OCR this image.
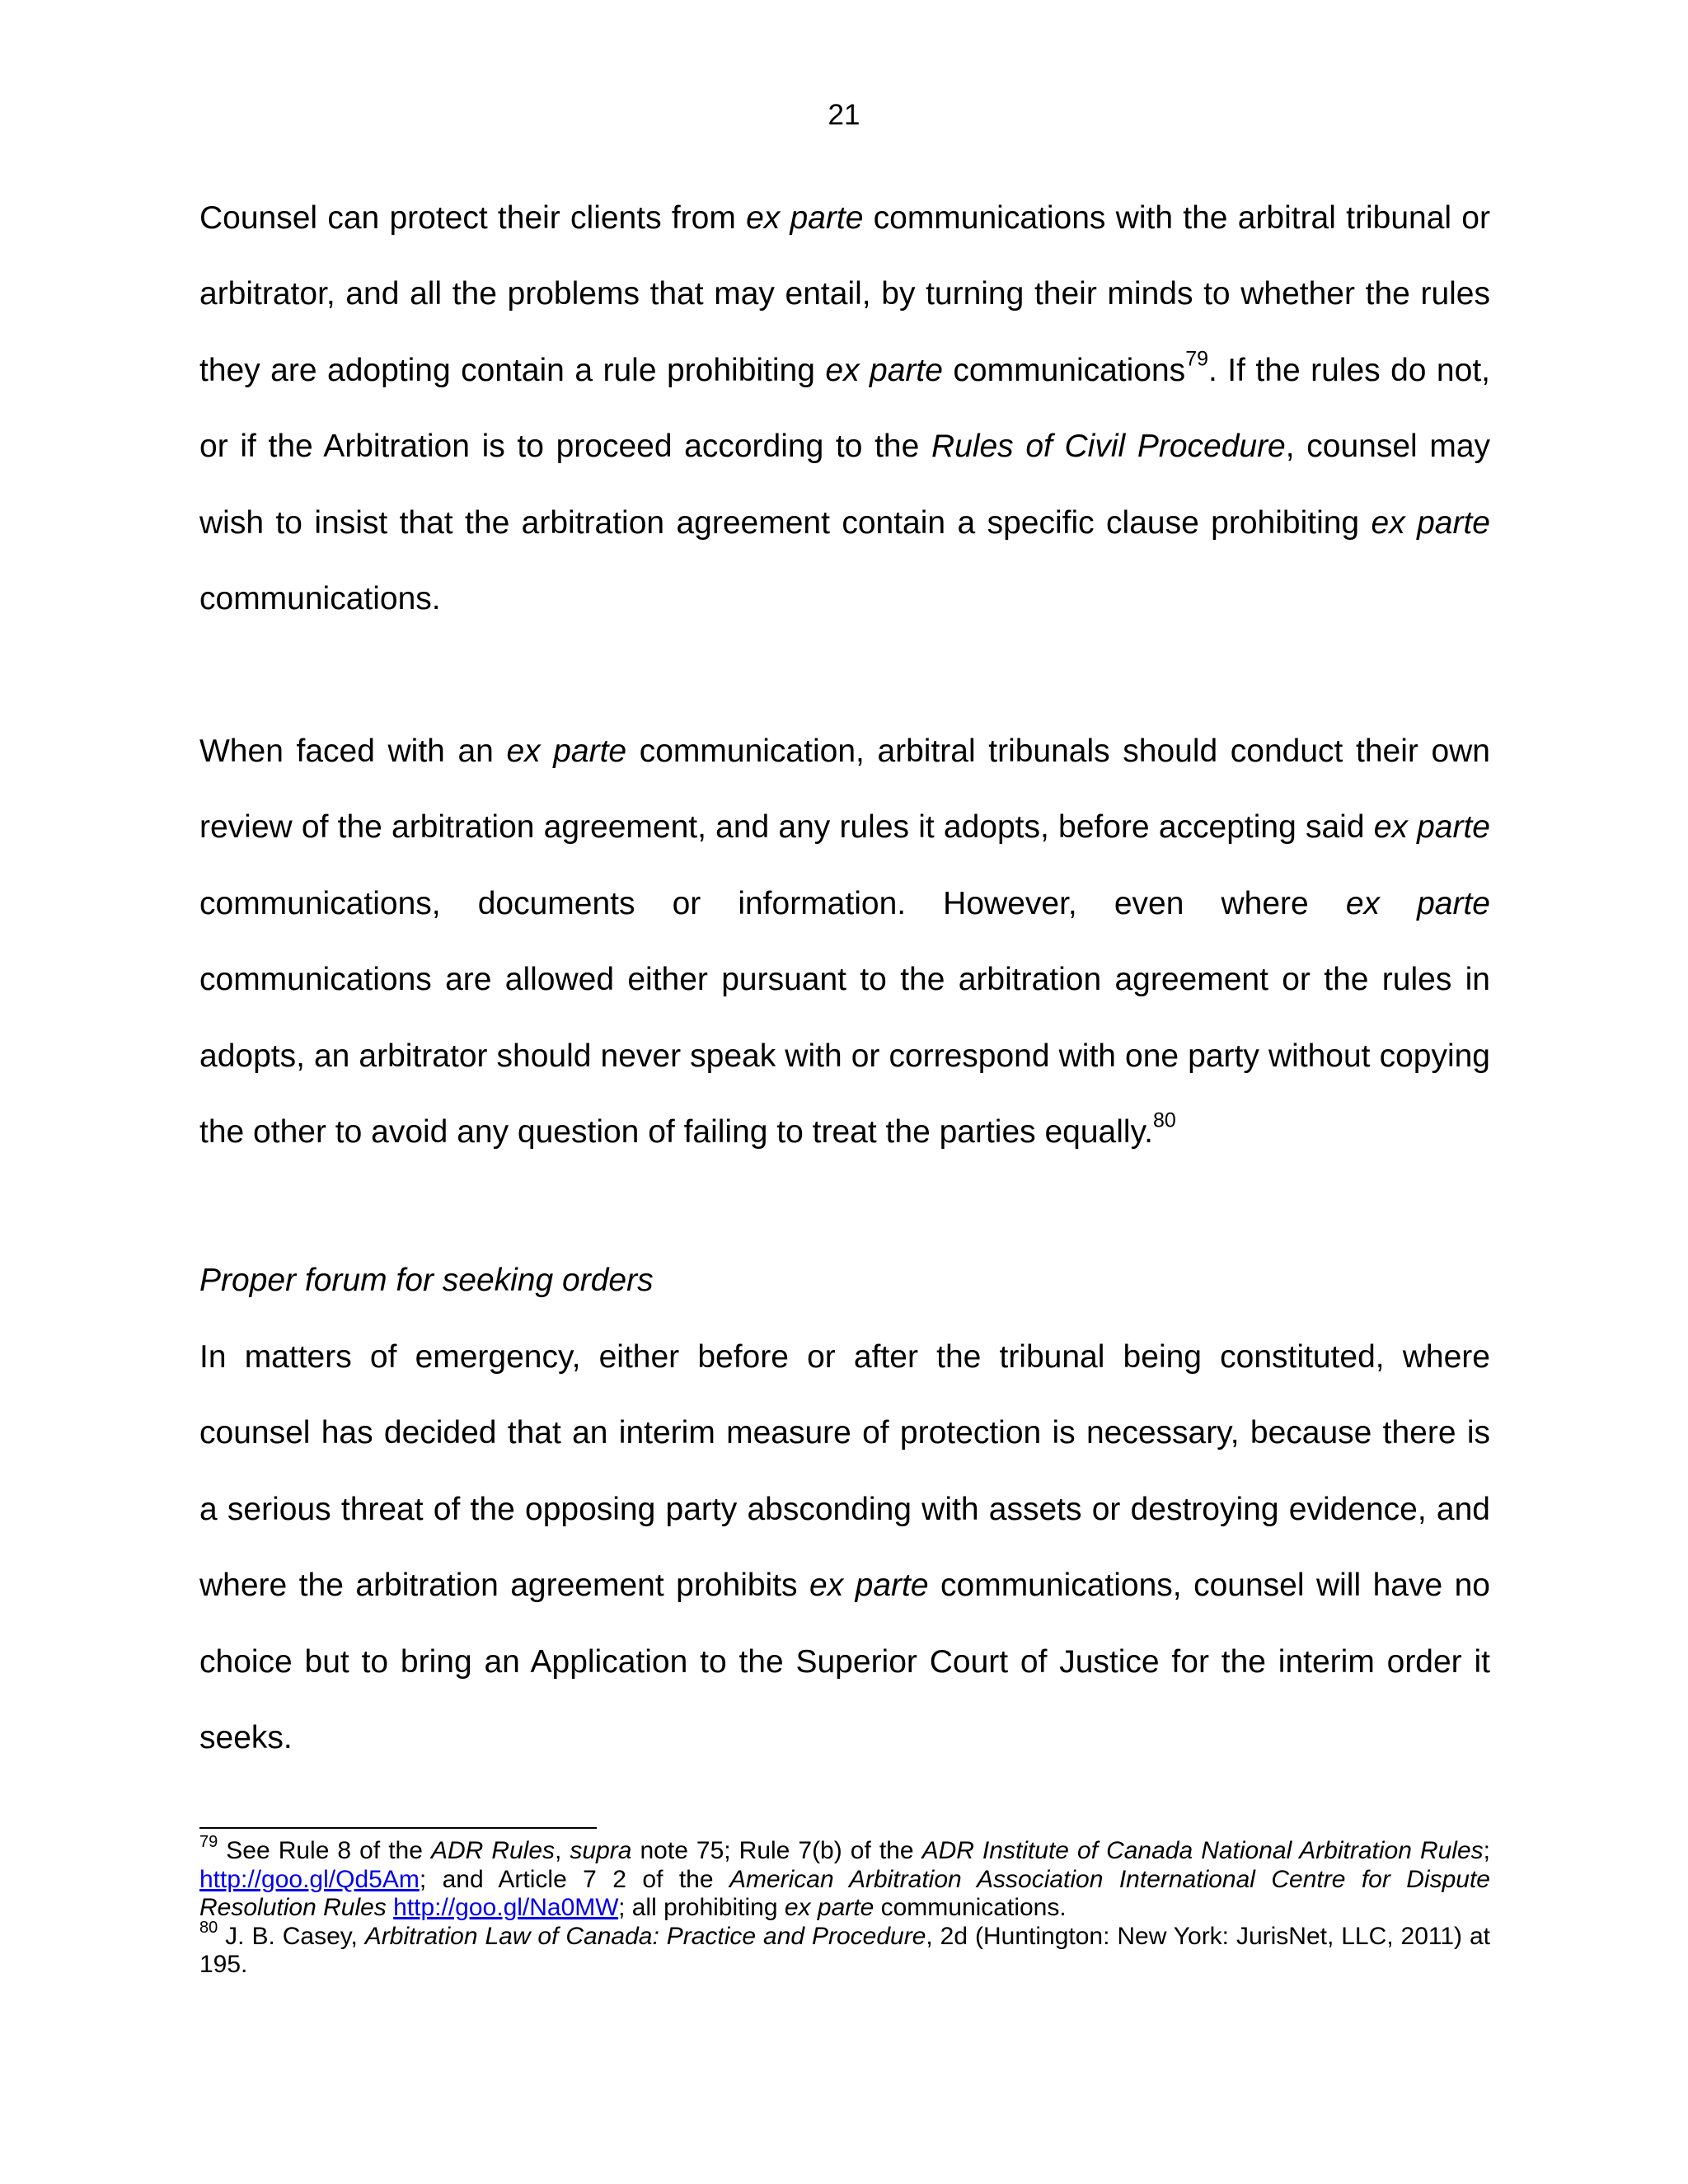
21

Counsel can protect their clients from ex parte communications with the arbitral tribunal or arbitrator, and all the problems that may entail, by turning their minds to whether the rules they are adopting contain a rule prohibiting ex parte communications$^{79}$. If the rules do not, or if the Arbitration is to proceed according to the Rules of Civil Procedure, counsel may wish to insist that the arbitration agreement contain a specific clause prohibiting ex parte communications.

When faced with an ex parte communication, arbitral tribunals should conduct their own review of the arbitration agreement, and any rules it adopts, before accepting said ex parte communications, documents or information. However, even where ex parte communications are allowed either pursuant to the arbitration agreement or the rules in adopts, an arbitrator should never speak with or correspond with one party without copying the other to avoid any question of failing to treat the parties equally.$^{80}$

Proper forum for seeking orders

In matters of emergency, either before or after the tribunal being constituted, where counsel has decided that an interim measure of protection is necessary, because there is a serious threat of the opposing party absconding with assets or destroying evidence, and where the arbitration agreement prohibits ex parte communications, counsel will have no choice but to bring an Application to the Superior Court of Justice for the interim order it seeks.

$^{79}$ See Rule 8 of the ADR Rules, supra note 75; Rule 7(b) of the ADR Institute of Canada National Arbitration Rules; http://goo.gl/Qd5Am; and Article 7 2 of the American Arbitration Association International Centre for Dispute Resolution Rules http://goo.gl/Na0MW; all prohibiting ex parte communications.

$^{80}$ J. B. Casey, Arbitration Law of Canada: Practice and Procedure, 2d (Huntington: New York: JurisNet, LLC, 2011) at 195.
